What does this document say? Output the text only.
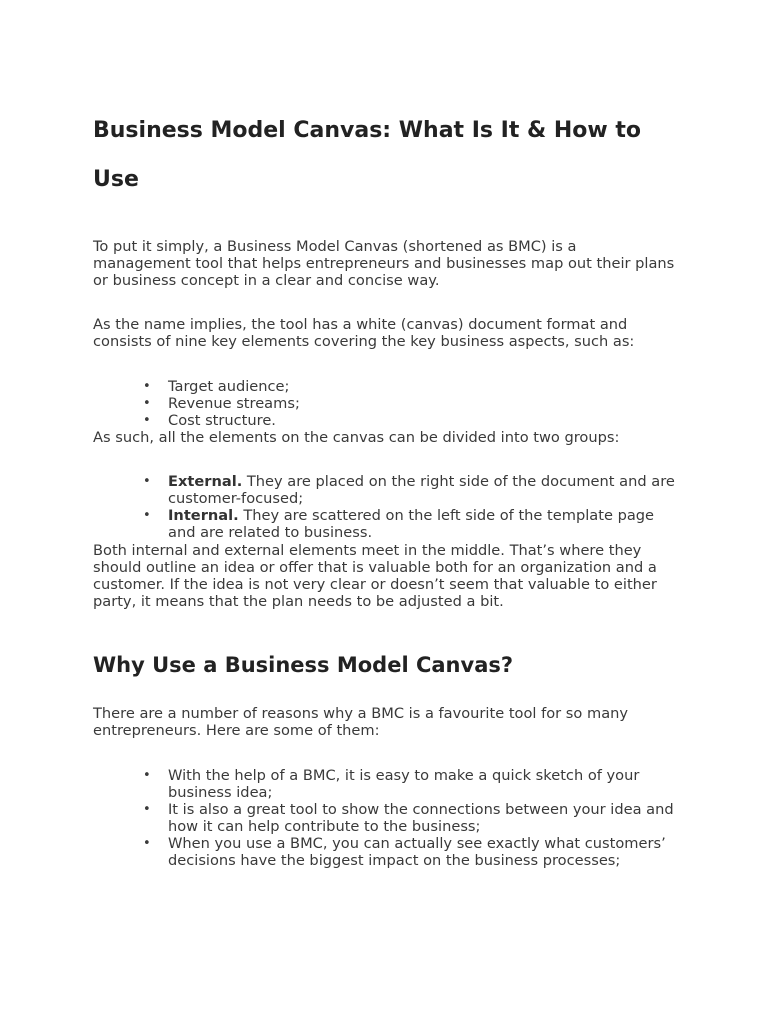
Business Model Canvas: What Is It & How to Use

To put it simply, a Business Model Canvas (shortened as BMC) is a management tool that helps entrepreneurs and businesses map out their plans or business concept in a clear and concise way.

As the name implies, the tool has a white (canvas) document format and consists of nine key elements covering the key business aspects, such as:

• Target audience;
• Revenue streams;
• Cost structure.

As such, all the elements on the canvas can be divided into two groups:

• External. They are placed on the right side of the document and are customer-focused;
• Internal. They are scattered on the left side of the template page and are related to business.

Both internal and external elements meet in the middle. That’s where they should outline an idea or offer that is valuable both for an organization and a customer. If the idea is not very clear or doesn’t seem that valuable to either party, it means that the plan needs to be adjusted a bit.

Why Use a Business Model Canvas?

There are a number of reasons why a BMC is a favourite tool for so many entrepreneurs. Here are some of them:

• With the help of a BMC, it is easy to make a quick sketch of your business idea;
• It is also a great tool to show the connections between your idea and how it can help contribute to the business;
• When you use a BMC, you can actually see exactly what customers’ decisions have the biggest impact on the business processes;
